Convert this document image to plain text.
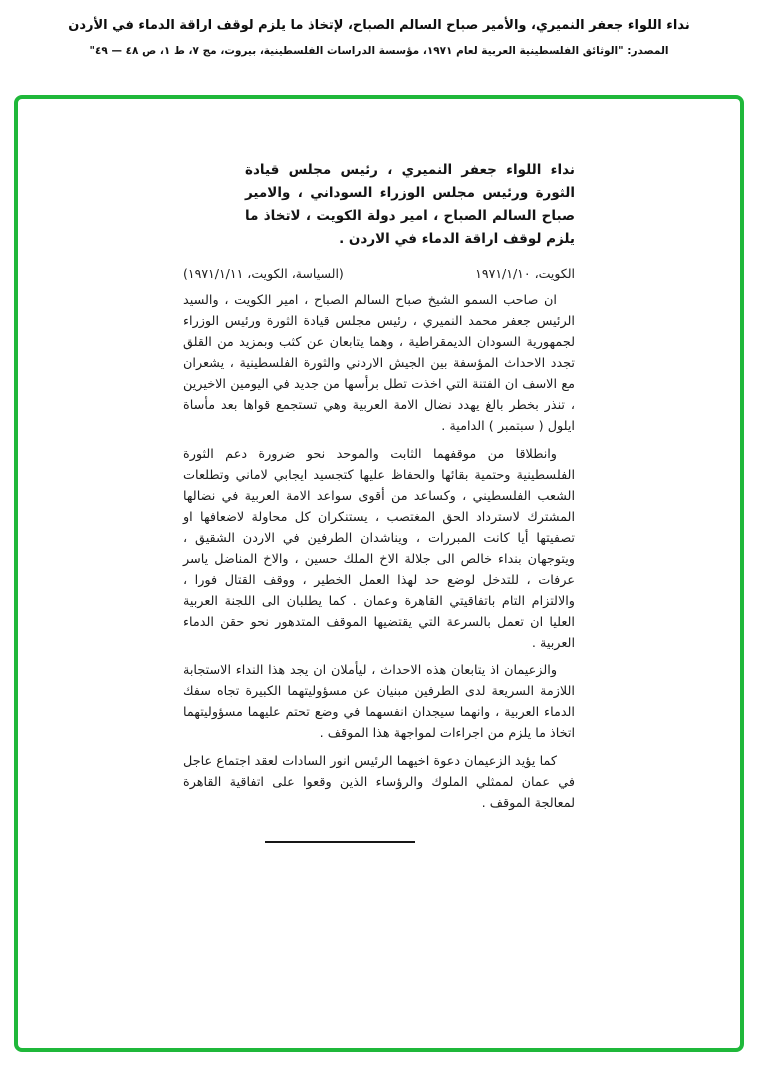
نداء اللواء جعفر النميري، والأمير صباح السالم الصباح، لإتخاذ ما يلزم لوقف اراقة الدماء في الأردن
المصدر: "الوثائق الفلسطينية العربية لعام ١٩٧١، مؤسسة الدراسات الفلسطينية، بيروت، مج ٧، ط ١، ص ٤٨ — ٤٩"
نداء اللواء جعفر النميري ، رئيس مجلس قيادة الثورة ورئيس مجلس الوزراء السوداني ، والامير صباح السالم الصباح ، امير دولة الكويت ، لاتخاذ ما يلزم لوقف اراقة الدماء في الاردن .
الكويت، ١٩٧١/١/١٠
(السياسة، الكويت، ١٩٧١/١/١١)

ان صاحب السمو الشيخ صباح السالم الصباح ، امير الكويت ، والسيد الرئيس جعفر محمد النميري ، رئيس مجلس قيادة الثورة ورئيس الوزراء لجمهورية السودان الديمقراطية ، وهما يتابعان عن كثب وبمزيد من القلق تجدد الاحداث المؤسفة بين الجيش الاردني والثورة الفلسطينية ، يشعران مع الاسف ان الفتنة التي اخذت تطل برأسها من جديد في اليومين الاخيرين ، تنذر بخطر بالغ يهدد نضال الامة العربية وهي تستجمع قواها بعد مأساة ايلول ( سبتمبر ) الدامية .

وانطلاقا من موقفهما الثابت والموحد نحو ضرورة دعم الثورة الفلسطينية وحتمية بقائها والحفاظ عليها كتجسيد ايجابي لاماني وتطلعات الشعب الفلسطيني ، وكساعد من أقوى سواعد الامة العربية في نضالها المشترك لاسترداد الحق المغتصب ، يستنكران كل محاولة لاضعافها او تصفيتها أيا كانت المبررات ، ويناشدان الطرفين في الاردن الشقيق ، ويتوجهان بنداء خالص الى جلالة الاخ الملك حسين ، والاخ المناضل ياسر عرفات ، للتدخل لوضع حد لهذا العمل الخطير ، ووقف القتال فورا ، والالتزام التام باتفاقيتي القاهرة وعمان . كما يطلبان الى اللجنة العربية العليا ان تعمل بالسرعة التي يقتضيها الموقف المتدهور نحو حقن الدماء العربية .

والزعيمان اذ يتابعان هذه الاحداث ، ليأملان ان يجد هذا النداء الاستجابة اللازمة السريعة لدى الطرفين مبنيان عن مسؤوليتهما الكبيرة تجاه سفك الدماء العربية ، وانهما سيجدان انفسهما في وضع تحتم عليهما مسؤوليتهما اتخاذ ما يلزم من اجراءات لمواجهة هذا الموقف .

كما يؤيد الزعيمان دعوة اخيهما الرئيس انور السادات لعقد اجتماع عاجل في عمان لممثلي الملوك والرؤساء الذين وقعوا على اتفاقية القاهرة لمعالجة الموقف .
